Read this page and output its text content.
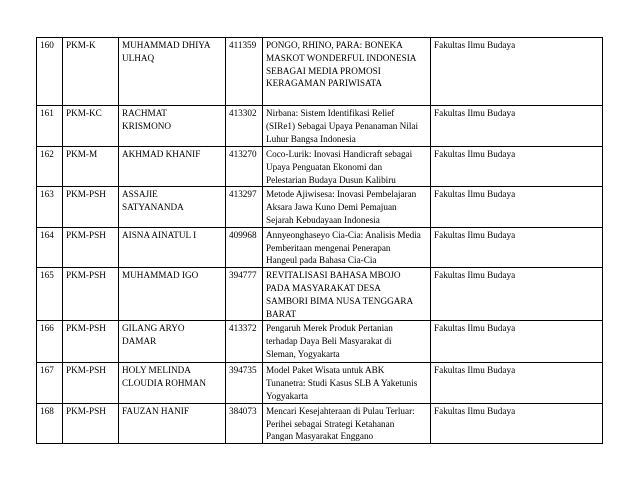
160	PKM-K	MUHAMMAD DHIYA
ULHAQ	411359	PONGO, RHINO, PARA: BONEKA
MASKOT WONDERFUL INDONESIA
SEBAGAI MEDIA PROMOSI
KERAGAMAN PARIWISATA	Fakultas Ilmu Budaya
161	PKM-KC	RACHMAT
KRISMONO	413302	Nirbana: Sistem Identifikasi Relief
(SIRe1) Sebagai Upaya Penanaman Nilai
Luhur Bangsa Indonesia	Fakultas Ilmu Budaya
162	PKM-M	AKHMAD KHANIF	413270	Coco-Lurik: Inovasi Handicraft sebagai
Upaya Penguatan Ekonomi dan
Pelestarian Budaya Dusun Kalibiru	Fakultas Ilmu Budaya
163	PKM-PSH	ASSAJIE
SATYANANDA	413297	Metode Ajiwisesa: Inovasi Pembelajaran
Aksara Jawa Kuno Demi Pemajuan
Sejarah Kebudayaan Indonesia	Fakultas Ilmu Budaya
164	PKM-PSH	AISNA AINATUL I	409968	Annyeonghaseyo Cia-Cia: Analisis Media
Pemberitaan mengenai Penerapan
Hangeul pada Bahasa Cia-Cia	Fakultas Ilmu Budaya
165	PKM-PSH	MUHAMMAD IGO	394777	REVITALISASI BAHASA MBOJO
PADA MASYARAKAT DESA
SAMBORI BIMA NUSA TENGGARA
BARAT	Fakultas Ilmu Budaya
166	PKM-PSH	GILANG ARYO
DAMAR	413372	Pengaruh Merek Produk Pertanian
terhadap Daya Beli Masyarakat di
Sleman, Yogyakarta	Fakultas Ilmu Budaya
167	PKM-PSH	HOLY MELINDA
CLOUDIA ROHMAN	394735	Model Paket Wisata untuk ABK
Tunanetra: Studi Kasus SLB A Yaketunis
Yogyakarta	Fakultas Ilmu Budaya
168	PKM-PSH	FAUZAN HANIF	384073	Mencari Kesejahteraan di Pulau Terluar:
Perihei sebagai Strategi Ketahanan
Pangan Masyarakat Enggano	Fakultas Ilmu Budaya
